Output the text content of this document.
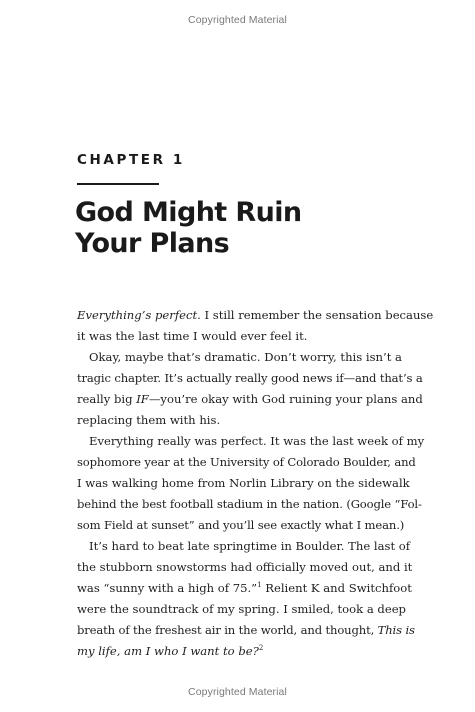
Copyrighted Material
CHAPTER 1
God Might Ruin
Your Plans
Everything’s perfect. I still remember the sensation because
it was the last time I would ever feel it.
Okay, maybe that’s dramatic. Don’t worry, this isn’t a
tragic chapter. It’s actually really good news if—and that’s a
really big IF—you’re okay with God ruining your plans and
replacing them with his.
Everything really was perfect. It was the last week of my
sophomore year at the University of Colorado Boulder, and
I was walking home from Norlin Library on the sidewalk
behind the best football stadium in the nation. (Google “Fol-
som Field at sunset” and you’ll see exactly what I mean.)
It’s hard to beat late springtime in Boulder. The last of
the stubborn snowstorms had officially moved out, and it
was “sunny with a high of 75.”$^1$ Relient K and Switchfoot
were the soundtrack of my spring. I smiled, took a deep
breath of the freshest air in the world, and thought, This is
my life, am I who I want to be?$^2$
Copyrighted Material
